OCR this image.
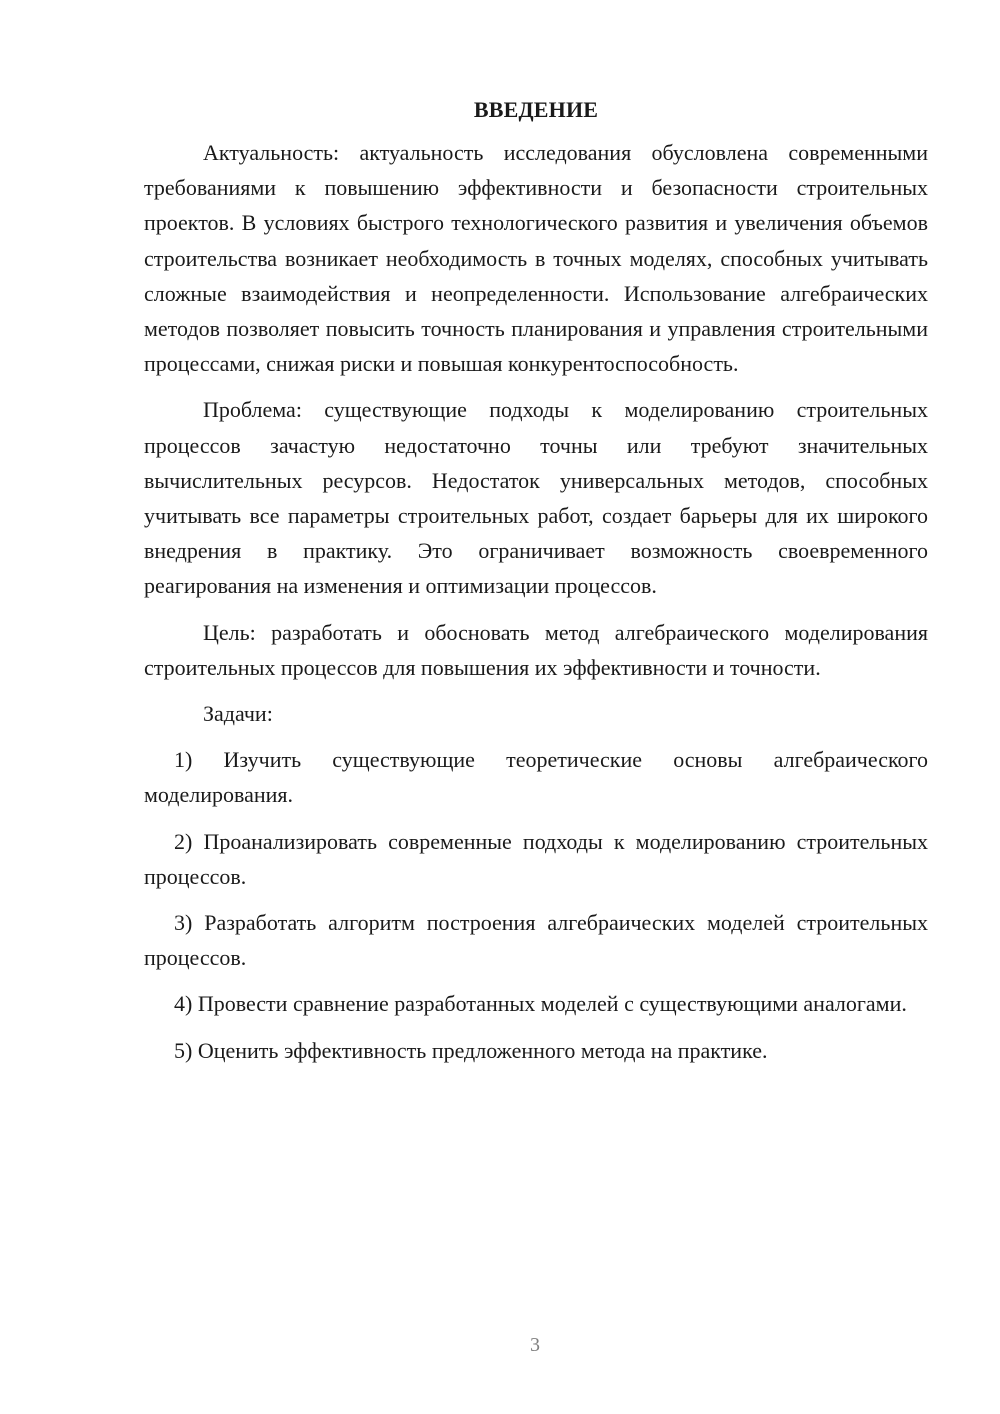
ВВЕДЕНИЕ

Актуальность: актуальность исследования обусловлена современными требованиями к повышению эффективности и безопасности строительных проектов. В условиях быстрого технологического развития и увеличения объемов строительства возникает необходимость в точных моделях, способных учитывать сложные взаимодействия и неопределенности. Использование алгебраических методов позволяет повысить точность планирования и управления строительными процессами, снижая риски и повышая конкурентоспособность.

Проблема: существующие подходы к моделированию строительных процессов зачастую недостаточно точны или требуют значительных вычислительных ресурсов. Недостаток универсальных методов, способных учитывать все параметры строительных работ, создает барьеры для их широкого внедрения в практику. Это ограничивает возможность своевременного реагирования на изменения и оптимизации процессов.

Цель: разработать и обосновать метод алгебраического моделирования строительных процессов для повышения их эффективности и точности.

Задачи:

1) Изучить существующие теоретические основы алгебраического моделирования.

2) Проанализировать современные подходы к моделированию строительных процессов.

3) Разработать алгоритм построения алгебраических моделей строительных процессов.

4) Провести сравнение разработанных моделей с существующими аналогами.

5) Оценить эффективность предложенного метода на практике.

3
